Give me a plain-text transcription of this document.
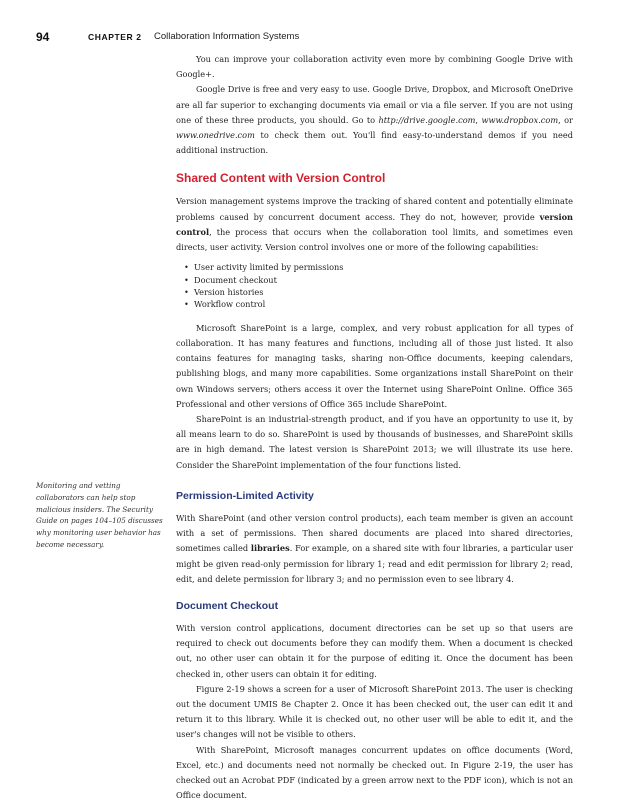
94	CHAPTER 2 Collaboration Information Systems

You can improve your collaboration activity even more by combining Google Drive with Google+.

Google Drive is free and very easy to use. Google Drive, Dropbox, and Microsoft OneDrive are all far superior to exchanging documents via email or via a file server. If you are not using one of these three products, you should. Go to http://drive.google.com, www.dropbox.com, or www.onedrive.com to check them out. You'll find easy-to-understand demos if you need additional instruction.

Shared Content with Version Control

Version management systems improve the tracking of shared content and potentially eliminate problems caused by concurrent document access. They do not, however, provide version control, the process that occurs when the collaboration tool limits, and sometimes even directs, user activity. Version control involves one or more of the following capabilities:

• User activity limited by permissions
• Document checkout
• Version histories
• Workflow control

Microsoft SharePoint is a large, complex, and very robust application for all types of collaboration. It has many features and functions, including all of those just listed. It also contains features for managing tasks, sharing non-Office documents, keeping calendars, publishing blogs, and many more capabilities. Some organizations install SharePoint on their own Windows servers; others access it over the Internet using SharePoint Online. Office 365 Professional and other versions of Office 365 include SharePoint.

SharePoint is an industrial-strength product, and if you have an opportunity to use it, by all means learn to do so. SharePoint is used by thousands of businesses, and SharePoint skills are in high demand. The latest version is SharePoint 2013; we will illustrate its use here. Consider the SharePoint implementation of the four functions listed.

Permission-Limited Activity

With SharePoint (and other version control products), each team member is given an account with a set of permissions. Then shared documents are placed into shared directories, sometimes called libraries. For example, on a shared site with four libraries, a particular user might be given read-only permission for library 1; read and edit permission for library 2; read, edit, and delete permission for library 3; and no permission even to see library 4.

Document Checkout

With version control applications, document directories can be set up so that users are required to check out documents before they can modify them. When a document is checked out, no other user can obtain it for the purpose of editing it. Once the document has been checked in, other users can obtain it for editing.

Figure 2-19 shows a screen for a user of Microsoft SharePoint 2013. The user is checking out the document UMIS 8e Chapter 2. Once it has been checked out, the user can edit it and return it to this library. While it is checked out, no other user will be able to edit it, and the user's changes will not be visible to others.

With SharePoint, Microsoft manages concurrent updates on office documents (Word, Excel, etc.) and documents need not normally be checked out. In Figure 2-19, the user has checked out an Acrobat PDF (indicated by a green arrow next to the PDF icon), which is not an Office document.

Monitoring and vetting collaborators can help stop malicious insiders. The Security Guide on pages 104–105 discusses why monitoring user behavior has become necessary.
